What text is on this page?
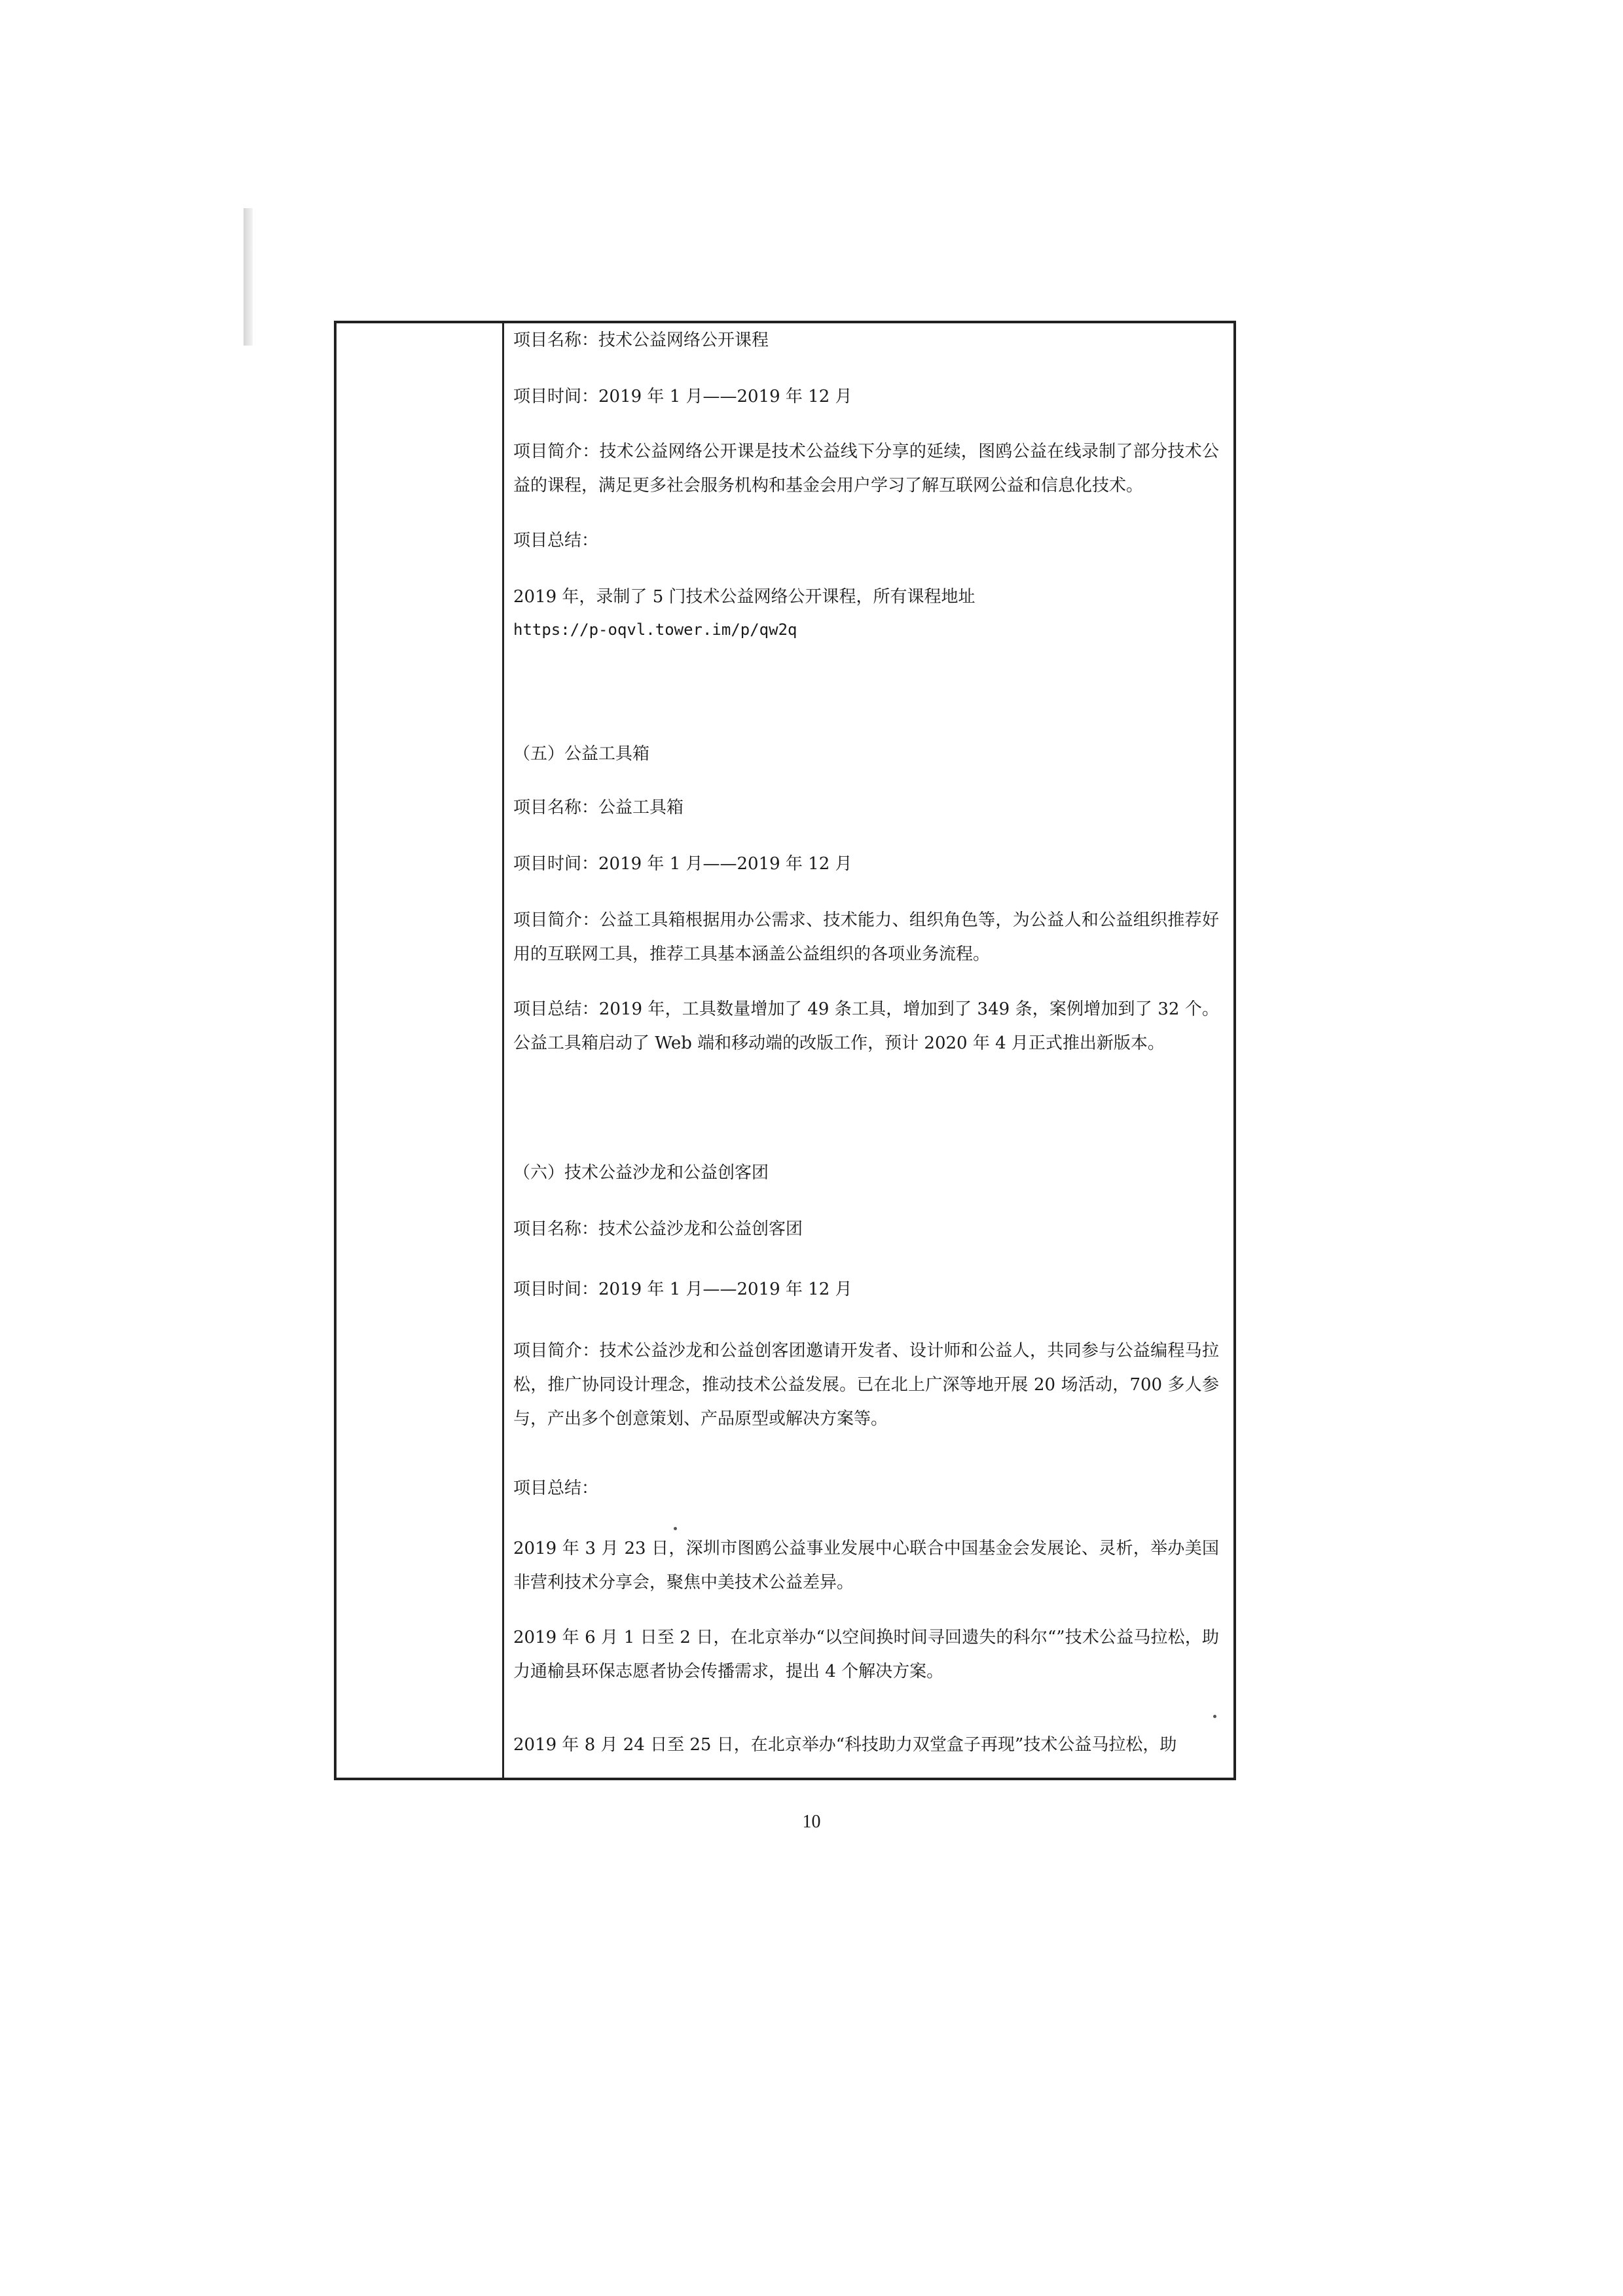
项目名称：技术公益网络公开课程

项目时间：2019 年 1 月——2019 年 12 月

项目简介：技术公益网络公开课是技术公益线下分享的延续，图鸥公益在线录制了部分技术公益的课程，满足更多社会服务机构和基金会用户学习了解互联网公益和信息化技术。

项目总结：

2019 年，录制了 5 门技术公益网络公开课程，所有课程地址

https://p-oqvl.tower.im/p/qw2q

（五）公益工具箱

项目名称：公益工具箱

项目时间：2019 年 1 月——2019 年 12 月

项目简介：公益工具箱根据用办公需求、技术能力、组织角色等，为公益人和公益组织推荐好用的互联网工具，推荐工具基本涵盖公益组织的各项业务流程。

项目总结：2019 年，工具数量增加了 49 条工具，增加到了 349 条，案例增加到了 32 个。公益工具箱启动了 Web 端和移动端的改版工作，预计 2020 年 4 月正式推出新版本。

（六）技术公益沙龙和公益创客团

项目名称：技术公益沙龙和公益创客团

项目时间：2019 年 1 月——2019 年 12 月

项目简介：技术公益沙龙和公益创客团邀请开发者、设计师和公益人，共同参与公益编程马拉松，推广协同设计理念，推动技术公益发展。已在北上广深等地开展 20 场活动，700 多人参与，产出多个创意策划、产品原型或解决方案等。

项目总结：

2019 年 3 月 23 日，深圳市图鸥公益事业发展中心联合中国基金会发展论、灵析，举办美国非营利技术分享会，聚焦中美技术公益差异。

2019 年 6 月 1 日至 2 日，在北京举办“以空间换时间寻回遗失的科尔“”技术公益马拉松，助力通榆县环保志愿者协会传播需求，提出 4 个解决方案。

2019 年 8 月 24 日至 25 日，在北京举办“科技助力双堂盒子再现”技术公益马拉松，助

10
